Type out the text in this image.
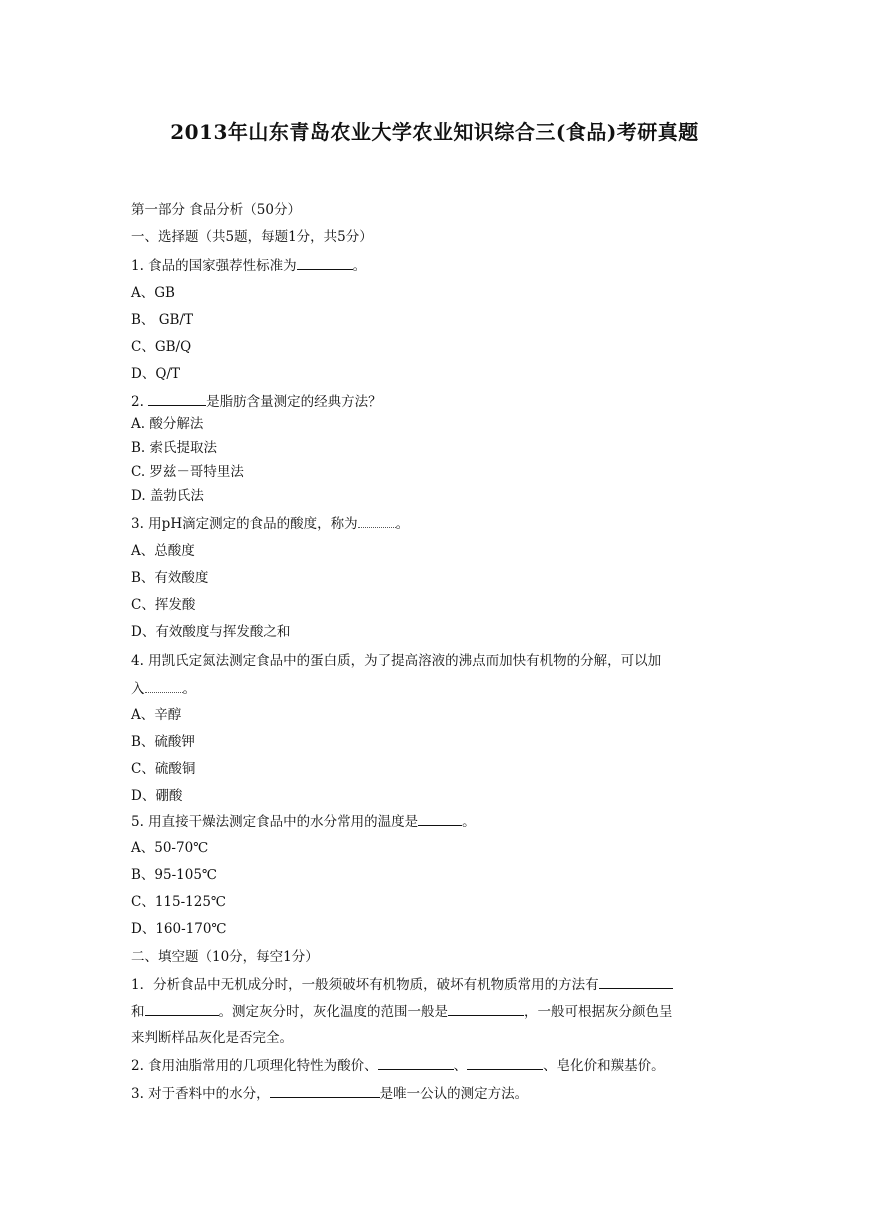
2013年山东青岛农业大学农业知识综合三(食品)考研真题
第一部分 食品分析（50分）
一、选择题（共5题，每题1分，共5分）
1. 食品的国家强荐性标准为	。
A、GB
B、 GB/T
C、GB/Q
D、Q/T
2.	是脂肪含量测定的经典方法？
A. 酸分解法
B. 索氏提取法
C. 罗兹－哥特里法
D. 盖勃氏法
3. 用pH滴定测定的食品的酸度，称为	。
A、总酸度
B、有效酸度
C、挥发酸
D、有效酸度与挥发酸之和
4. 用凯氏定氮法测定食品中的蛋白质，为了提高溶液的沸点而加快有机物的分解，可以加
入	。
A、辛醇
B、硫酸钾
C、硫酸铜
D、硼酸
5. 用直接干燥法测定食品中的水分常用的温度是	。
A、50-70℃
B、95-105℃
C、115-125℃
D、160-170℃
二、填空题（10分，每空1分）
1．分析食品中无机成分时，一般须破坏有机物质，破坏有机物质常用的方法有
和	。测定灰分时，灰化温度的范围一般是	，一般可根据灰分颜色呈
来判断样品灰化是否完全。
2. 食用油脂常用的几项理化特性为酸价、	、	、皂化价和羰基价。
3. 对于香料中的水分，	是唯一公认的测定方法。
